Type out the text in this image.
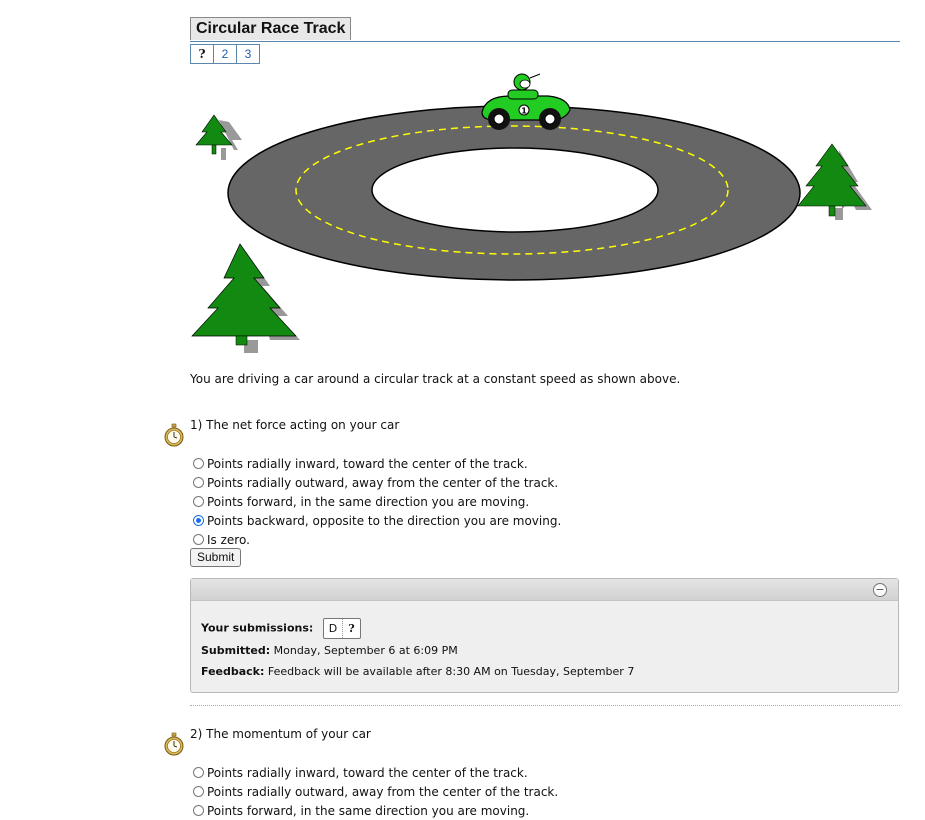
Circular Race Track
?	2	3
1
You are driving a car around a circular track at a constant speed as shown above.
1) The net force acting on your car
Points radially inward, toward the center of the track.
Points radially outward, away from the center of the track.
Points forward, in the same direction you are moving.
Points backward, opposite to the direction you are moving.
Is zero.
Submit
−
Your submissions:	D	?
Submitted: Monday, September 6 at 6:09 PM
Feedback: Feedback will be available after 8:30 AM on Tuesday, September 7
2) The momentum of your car
Points radially inward, toward the center of the track.
Points radially outward, away from the center of the track.
Points forward, in the same direction you are moving.
